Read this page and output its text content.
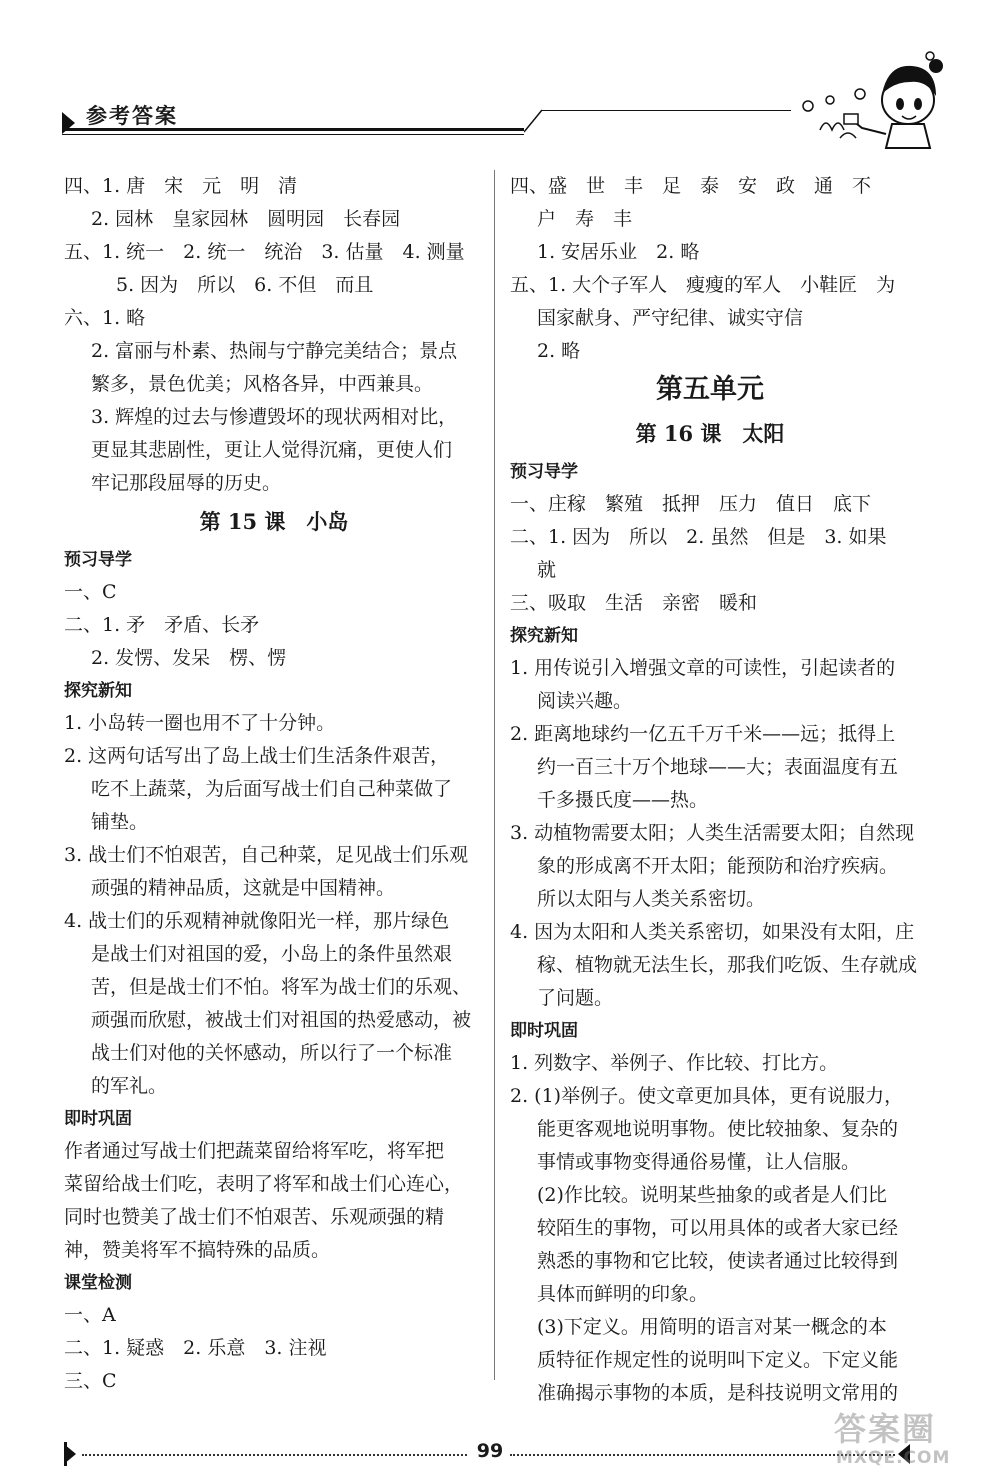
参考答案
四、1. 唐　宋　元　明　清
2. 园林　皇家园林　圆明园　长春园
五、1. 统一　2. 统一　统治　3. 估量　4. 测量
5. 因为　所以　6. 不但　而且
六、1. 略
2. 富丽与朴素、热闹与宁静完美结合；景点
繁多，景色优美；风格各异，中西兼具。
3. 辉煌的过去与惨遭毁坏的现状两相对比，
更显其悲剧性，更让人觉得沉痛，更使人们
牢记那段屈辱的历史。
第 15 课　小岛
预习导学
一、C
二、1. 矛　矛盾、长矛
2. 发愣、发呆　楞、愣
探究新知
1. 小岛转一圈也用不了十分钟。
2. 这两句话写出了岛上战士们生活条件艰苦，
吃不上蔬菜，为后面写战士们自己种菜做了
铺垫。
3. 战士们不怕艰苦，自己种菜，足见战士们乐观
顽强的精神品质，这就是中国精神。
4. 战士们的乐观精神就像阳光一样，那片绿色
是战士们对祖国的爱，小岛上的条件虽然艰
苦，但是战士们不怕。将军为战士们的乐观、
顽强而欣慰，被战士们对祖国的热爱感动，被
战士们对他的关怀感动，所以行了一个标准
的军礼。
即时巩固
作者通过写战士们把蔬菜留给将军吃，将军把
菜留给战士们吃，表明了将军和战士们心连心，
同时也赞美了战士们不怕艰苦、乐观顽强的精
神，赞美将军不搞特殊的品质。
课堂检测
一、A
二、1. 疑惑　2. 乐意　3. 注视
三、C
四、盛　世　丰　足　泰　安　政　通　不
户　寿　丰
1. 安居乐业　2. 略
五、1. 大个子军人　瘦瘦的军人　小鞋匠　为
国家献身、严守纪律、诚实守信
2. 略
第五单元
第 16 课　太阳
预习导学
一、庄稼　繁殖　抵押　压力　值日　底下
二、1. 因为　所以　2. 虽然　但是　3. 如果
就
三、吸取　生活　亲密　暖和
探究新知
1. 用传说引入增强文章的可读性，引起读者的
阅读兴趣。
2. 距离地球约一亿五千万千米——远；抵得上
约一百三十万个地球——大；表面温度有五
千多摄氏度——热。
3. 动植物需要太阳；人类生活需要太阳；自然现
象的形成离不开太阳；能预防和治疗疾病。
所以太阳与人类关系密切。
4. 因为太阳和人类关系密切，如果没有太阳，庄
稼、植物就无法生长，那我们吃饭、生存就成
了问题。
即时巩固
1. 列数字、举例子、作比较、打比方。
2. (1)举例子。使文章更加具体，更有说服力，
能更客观地说明事物。使比较抽象、复杂的
事情或事物变得通俗易懂，让人信服。
(2)作比较。说明某些抽象的或者是人们比
较陌生的事物，可以用具体的或者大家已经
熟悉的事物和它比较，使读者通过比较得到
具体而鲜明的印象。
(3)下定义。用简明的语言对某一概念的本
质特征作规定性的说明叫下定义。下定义能
准确揭示事物的本质，是科技说明文常用的
99
答案圈
MXQE.COM
